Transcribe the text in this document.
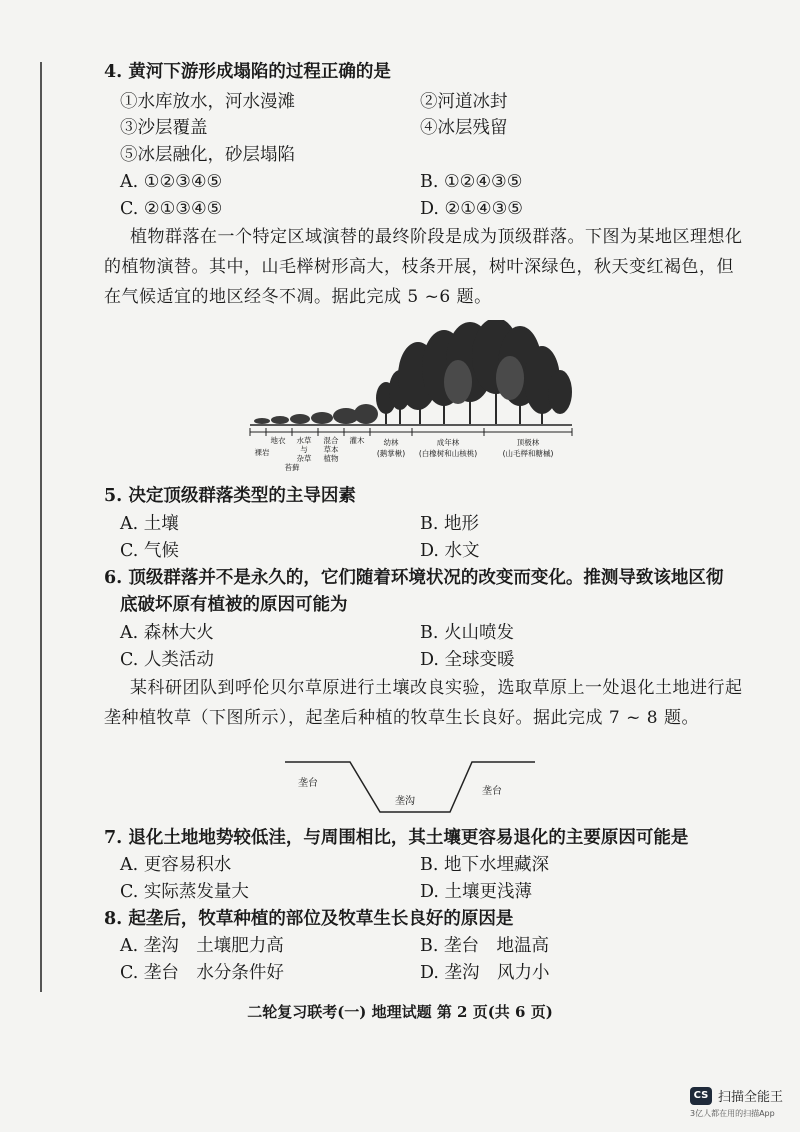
4. 黄河下游形成塌陷的过程正确的是
①水库放水，河水漫滩	②河道冰封
③沙层覆盖	④冰层残留
⑤冰层融化，砂层塌陷
A. ①②③④⑤	B. ①②④③⑤
C. ②①③④⑤	D. ②①④③⑤
植物群落在一个特定区域演替的最终阶段是成为顶级群落。下图为某地区理想化的植物演替。其中，山毛榉树形高大，枝条开展，树叶深绿色，秋天变红褐色，但在气候适宜的地区经冬不凋。据此完成 5 ~6 题。
地衣
裸岩
水草
与
杂草
苔藓
混合
草本
植物
灌木	幼林
(鹅掌楸)
成年林
(白橡树和山核桃)
顶极林
(山毛榉和糖槭)
5. 决定顶级群落类型的主导因素
A. 土壤	B. 地形
C. 气候	D. 水文
6. 顶级群落并不是永久的，它们随着环境状况的改变而变化。推测导致该地区彻
底破坏原有植被的原因可能为
A. 森林大火	B. 火山喷发
C. 人类活动	D. 全球变暖
某科研团队到呼伦贝尔草原进行土壤改良实验，选取草原上一处退化土地进行起垄种植牧草（下图所示），起垄后种植的牧草生长良好。据此完成 7 ~ 8 题。
垄台
垄沟
垄台
7. 退化土地地势较低洼，与周围相比，其土壤更容易退化的主要原因可能是
A. 更容易积水	B. 地下水埋藏深
C. 实际蒸发量大	D. 土壤更浅薄
8. 起垄后，牧草种植的部位及牧草生长良好的原因是
A. 垄沟　土壤肥力高	B. 垄台　地温高
C. 垄台　水分条件好	D. 垄沟　风力小
二轮复习联考(一) 地理试题 第 2 页(共 6 页)
CS 扫描全能王
3亿人都在用的扫描App
